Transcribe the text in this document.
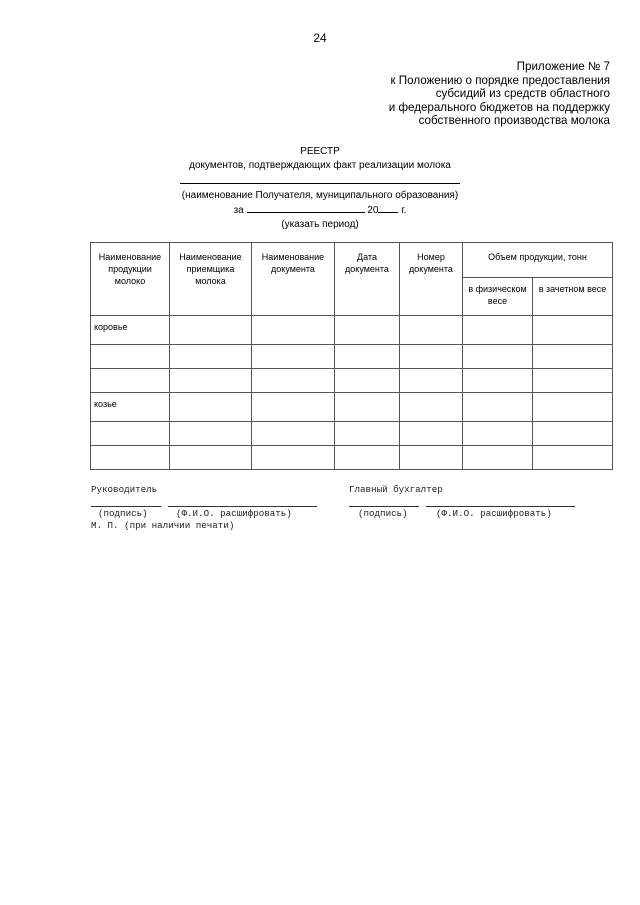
24
Приложение № 7
к Положению о порядке предоставления
субсидий из средств областного
и федерального бюджетов на поддержку
собственного производства молока
РЕЕСТР
документов, подтверждающих факт реализации молока
(наименование Получателя, муниципального образования)
за	20 г.
(указать период)
Наименование продукции молоко	Наименование приемщика молока	Наименование документа	Дата документа	Номер документа	Объем продукции, тонн	
					в физическом весе	в зачетном весе
коровье						

козье						

Руководитель	Главный бухгалтер
(подпись)	(Ф.И.О. расшифровать)	(подпись)	(Ф.И.О. расшифровать)
М. П. (при наличии печати)
